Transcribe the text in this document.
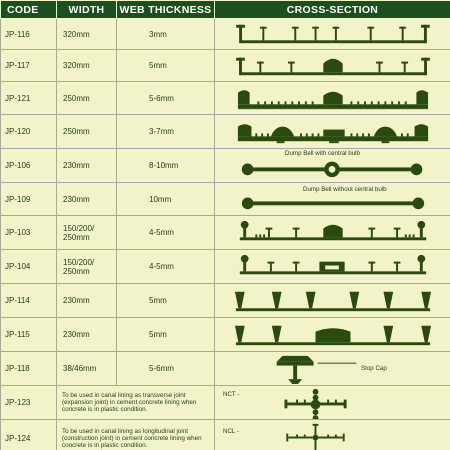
CODE	WIDTH	WEB THICKNESS	CROSS-SECTION
JP-116	320mm	3mm	

JP-117	320mm	5mm	

JP-121	250mm	5-6mm	

JP-120	250mm	3-7mm	

JP-106	230mm	8-10mm	Dump Bell with central bulb

JP-109	230mm	10mm	Dump Bell without central bulb

JP-103	150/200/ 250mm	4-5mm	

JP-104	150/200/ 250mm	4-5mm	

JP-114	230mm	5mm	

JP-115	230mm	5mm	

JP-118	38/46mm	5-6mm	Stop Cap

JP-123	To be used in canal lining as transverse joint (expansion joint) in cement concrete lining when concrete is in plastic condition.		NCT -

JP-124	To be used in canal lining as longitudinal joint (construction joint) in cement concrete lining when concrete is in plastic condition.		NCL -
